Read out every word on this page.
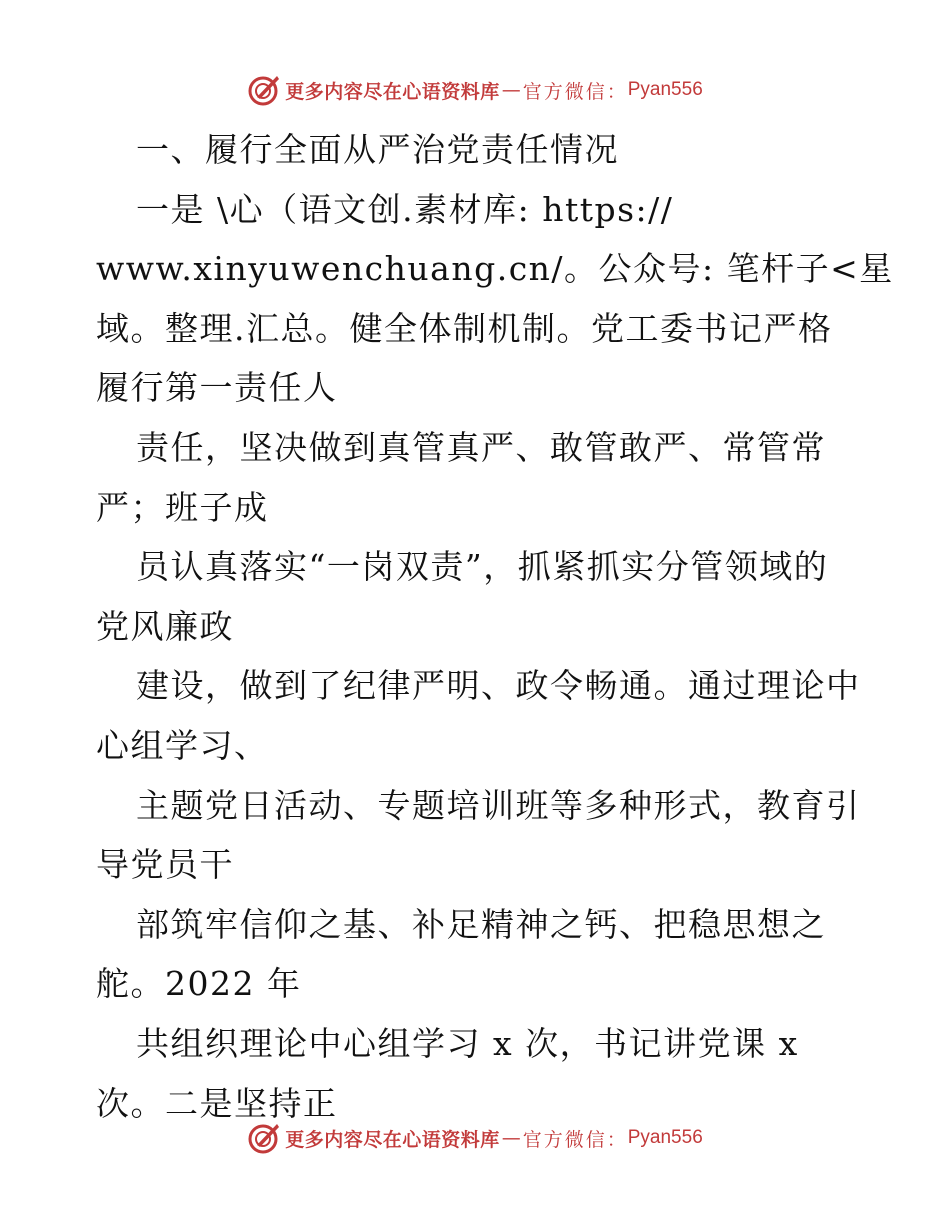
更多内容尽在心语资料库 — 官方微信： Pyan556
一、履行全面从严治党责任情况
一是 \心（语文创.素材库: https://
www.xinyuwenchuang.cn/。公众号: 笔杆子<星
域。整理.汇总。健全体制机制。党工委书记严格
履行第一责任人
责任，坚决做到真管真严、敢管敢严、常管常
严；班子成
员认真落实“一岗双责”，抓紧抓实分管领域的
党风廉政
建设，做到了纪律严明、政令畅通。通过理论中
心组学习、
主题党日活动、专题培训班等多种形式，教育引
导党员干
部筑牢信仰之基、补足精神之钙、把稳思想之
舵。2022 年
共组织理论中心组学习 x 次，书记讲党课 x
次。二是坚持正
更多内容尽在心语资料库 — 官方微信： Pyan556
